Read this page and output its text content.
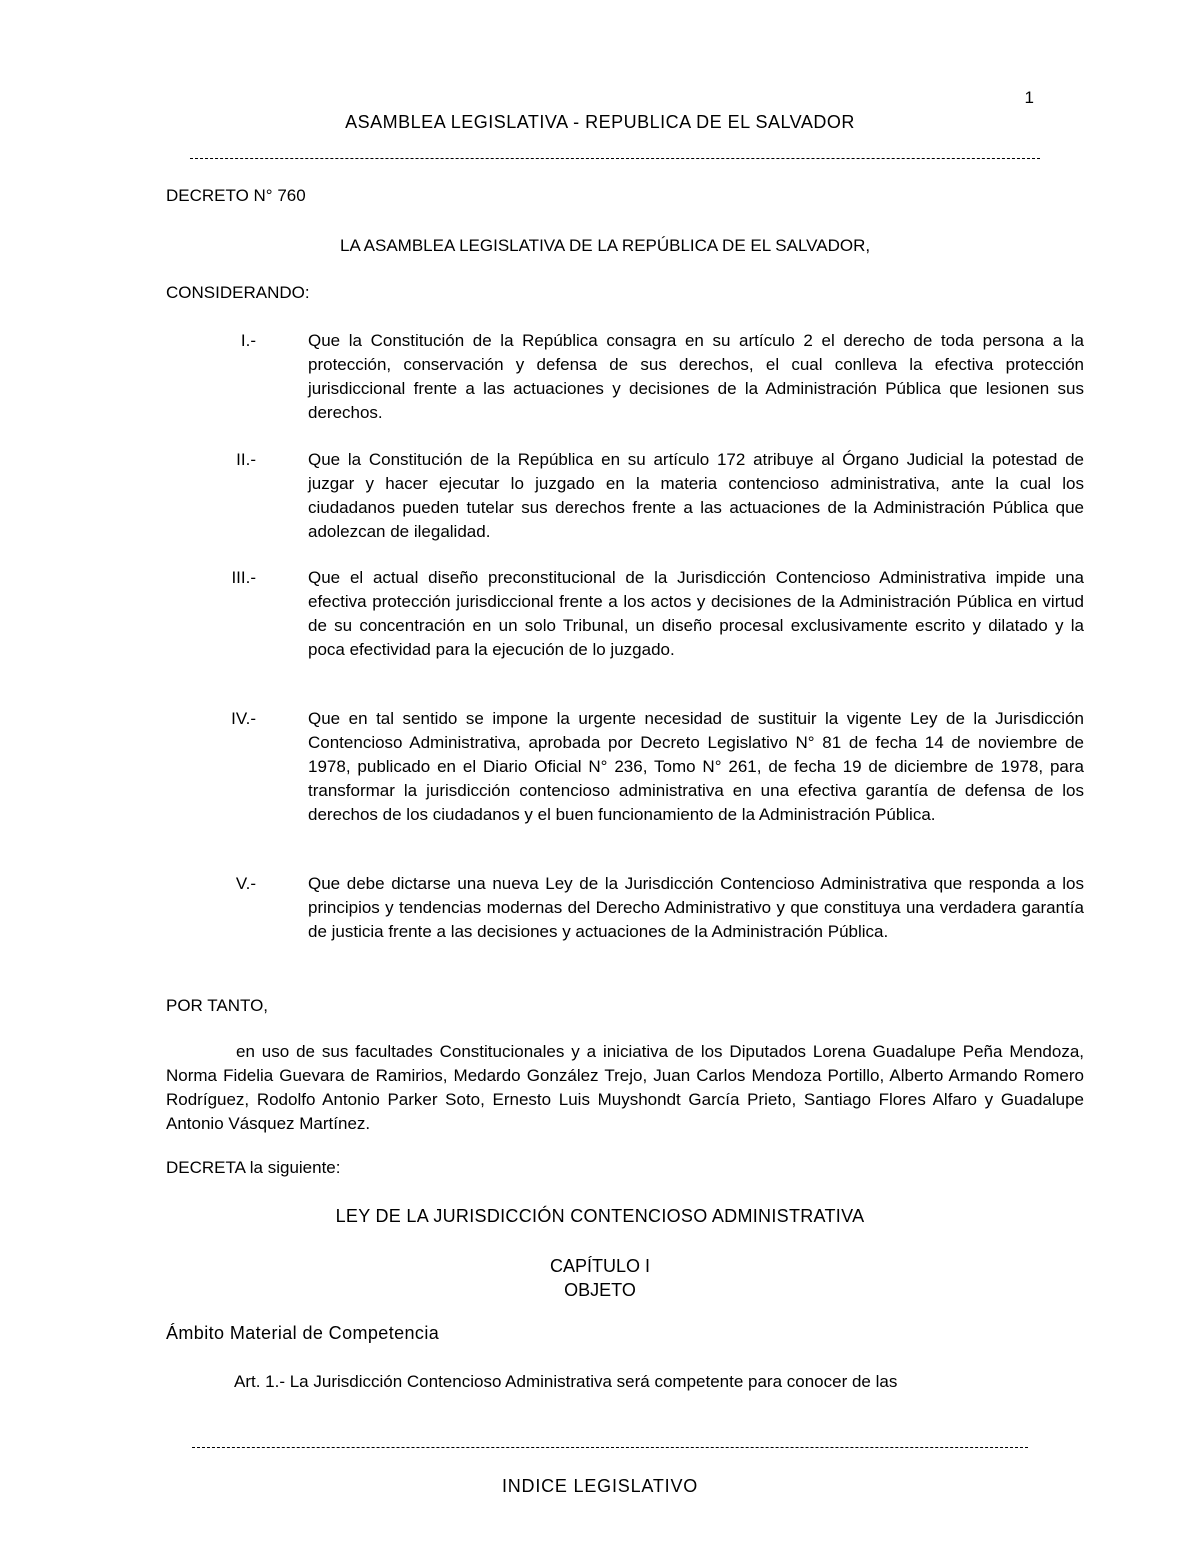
1
ASAMBLEA LEGISLATIVA - REPUBLICA DE EL SALVADOR
DECRETO N° 760
LA ASAMBLEA LEGISLATIVA DE LA REPÚBLICA DE EL SALVADOR,
CONSIDERANDO:
I.-	Que la Constitución de la República consagra en su artículo 2 el derecho de toda persona a la protección, conservación y defensa de sus derechos, el cual conlleva la efectiva protección jurisdiccional frente a las actuaciones y decisiones de la Administración Pública que lesionen sus derechos.
II.-	Que la Constitución de la República en su artículo 172 atribuye al Órgano Judicial la potestad de juzgar y hacer ejecutar lo juzgado en la materia contencioso administrativa, ante la cual los ciudadanos pueden tutelar sus derechos frente a las actuaciones de la Administración Pública que adolezcan de ilegalidad.
III.-	Que el actual diseño preconstitucional de la Jurisdicción Contencioso Administrativa impide una efectiva protección jurisdiccional frente a los actos y decisiones de la Administración Pública en virtud de su concentración en un solo Tribunal, un diseño procesal exclusivamente escrito y dilatado y la poca efectividad para la ejecución de lo juzgado.
IV.-	Que en tal sentido se impone la urgente necesidad de sustituir la vigente Ley de la Jurisdicción Contencioso Administrativa, aprobada por Decreto Legislativo N° 81 de fecha 14 de noviembre de 1978, publicado en el Diario Oficial N° 236, Tomo N° 261, de fecha 19 de diciembre de 1978, para transformar la jurisdicción contencioso administrativa en una efectiva garantía de defensa de los derechos de los ciudadanos y el buen funcionamiento de la Administración Pública.
V.-	Que debe dictarse una nueva Ley de la Jurisdicción Contencioso Administrativa que responda a los principios y tendencias modernas del Derecho Administrativo y que constituya una verdadera garantía de justicia frente a las decisiones y actuaciones de la Administración Pública.
POR TANTO,
en uso de sus facultades Constitucionales y a iniciativa de los Diputados Lorena Guadalupe Peña Mendoza, Norma Fidelia Guevara de Ramirios, Medardo González Trejo, Juan Carlos Mendoza Portillo, Alberto Armando Romero Rodríguez, Rodolfo Antonio Parker Soto, Ernesto Luis Muyshondt García Prieto, Santiago Flores Alfaro y Guadalupe Antonio Vásquez Martínez.
DECRETA la siguiente:
LEY DE LA JURISDICCIÓN CONTENCIOSO ADMINISTRATIVA
CAPÍTULO I
OBJETO
Ámbito Material de Competencia
Art. 1.- La Jurisdicción Contencioso Administrativa será competente para conocer de las
INDICE LEGISLATIVO
